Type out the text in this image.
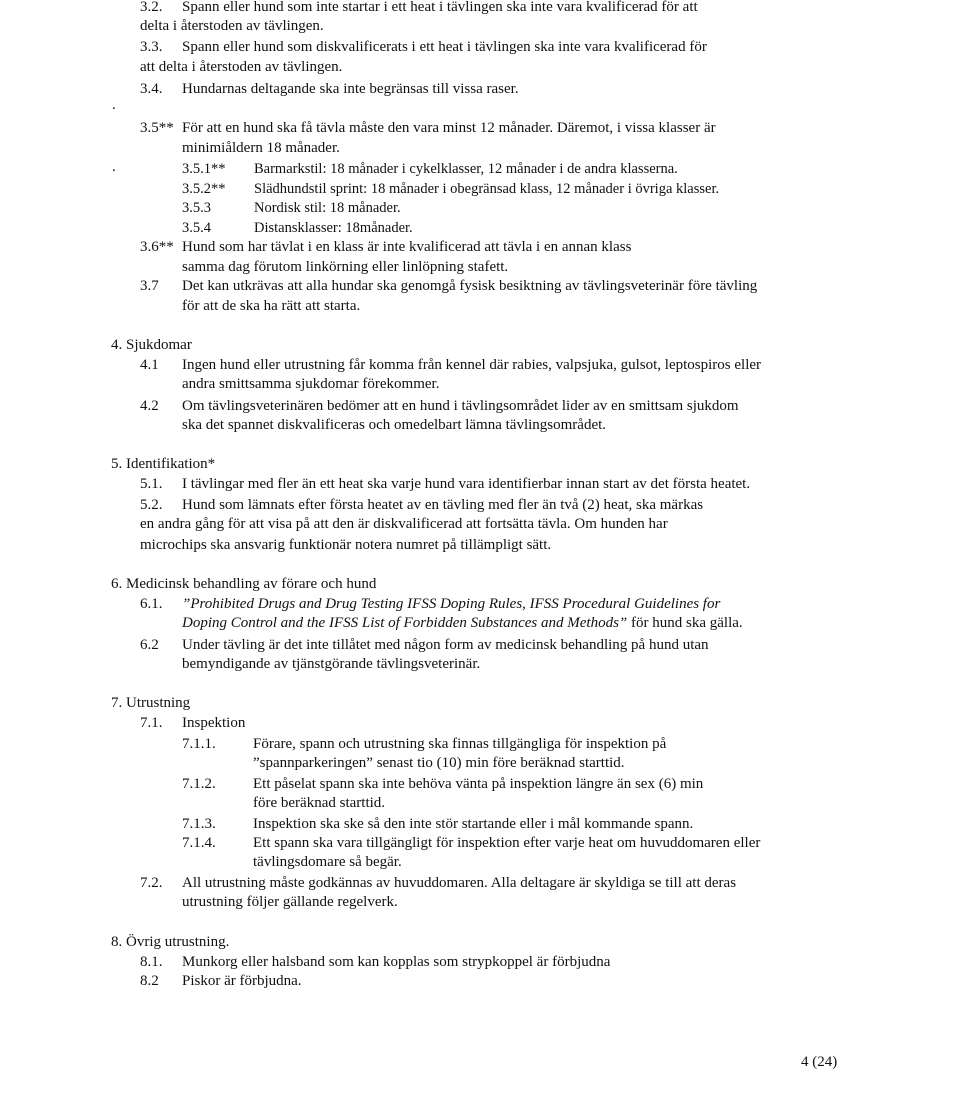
3.2. Spann eller hund som inte startar i ett heat i tävlingen ska inte vara kvalificerad för att
delta i återstoden av tävlingen.
3.3. Spann eller hund som diskvalificerats i ett heat i tävlingen ska inte vara kvalificerad för
att delta i återstoden av tävlingen.
3.4. Hundarnas deltagande ska inte begränsas till vissa raser.
.
3.5** För att en hund ska få tävla måste den vara minst 12 månader. Däremot, i vissa klasser är
minimiåldern 18 månader.
.	3.5.1** Barmarkstil: 18 månader i cykelklasser, 12 månader i de andra klasserna.
3.5.2** Slädhundstil sprint: 18 månader i obegränsad klass, 12 månader i övriga klasser.
3.5.3	Nordisk stil: 18 månader.
3.5.4	Distansklasser: 18månader.
3.6** Hund som har tävlat i en klass är inte kvalificerad att tävla i en annan klass
samma dag förutom linkörning eller linlöpning stafett.
3.7 Det kan utkrävas att alla hundar ska genomgå fysisk besiktning av tävlingsveterinär före tävling
för att de ska ha rätt att starta.
4. Sjukdomar
4.1 Ingen hund eller utrustning får komma från kennel där rabies, valpsjuka, gulsot, leptospiros eller
andra smittsamma sjukdomar förekommer.
4.2 Om tävlingsveterinären bedömer att en hund i tävlingsområdet lider av en smittsam sjukdom
ska det spannet diskvalificeras och omedelbart lämna tävlingsområdet.
5. Identifikation*
5.1. I tävlingar med fler än ett heat ska varje hund vara identifierbar innan start av det första heatet.
5.2. Hund som lämnats efter första heatet av en tävling med fler än två (2) heat, ska märkas
en andra gång för att visa på att den är diskvalificerad att fortsätta tävla. Om hunden har
microchips ska ansvarig funktionär notera numret på tillämpligt sätt.
6. Medicinsk behandling av förare och hund
6.1. ”Prohibited Drugs and Drug Testing IFSS Doping Rules, IFSS Procedural Guidelines for
Doping Control and the IFSS List of Forbidden Substances and Methods” för hund ska gälla.
6.2 Under tävling är det inte tillåtet med någon form av medicinsk behandling på hund utan
bemyndigande av tjänstgörande tävlingsveterinär.
7. Utrustning
7.1. Inspektion
7.1.1. Förare, spann och utrustning ska finnas tillgängliga för inspektion på
”spannparkeringen” senast tio (10) min före beräknad starttid.
7.1.2. Ett påselat spann ska inte behöva vänta på inspektion längre än sex (6) min
före beräknad starttid.
7.1.3. Inspektion ska ske så den inte stör startande eller i mål kommande spann.
7.1.4. Ett spann ska vara tillgängligt för inspektion efter varje heat om huvuddomaren eller
tävlingsdomare så begär.
7.2. All utrustning måste godkännas av huvuddomaren. Alla deltagare är skyldiga se till att deras
utrustning följer gällande regelverk.
8. Övrig utrustning.
8.1. Munkorg eller halsband som kan kopplas som strypkoppel är förbjudna
8.2 Piskor är förbjudna.
4 (24)
